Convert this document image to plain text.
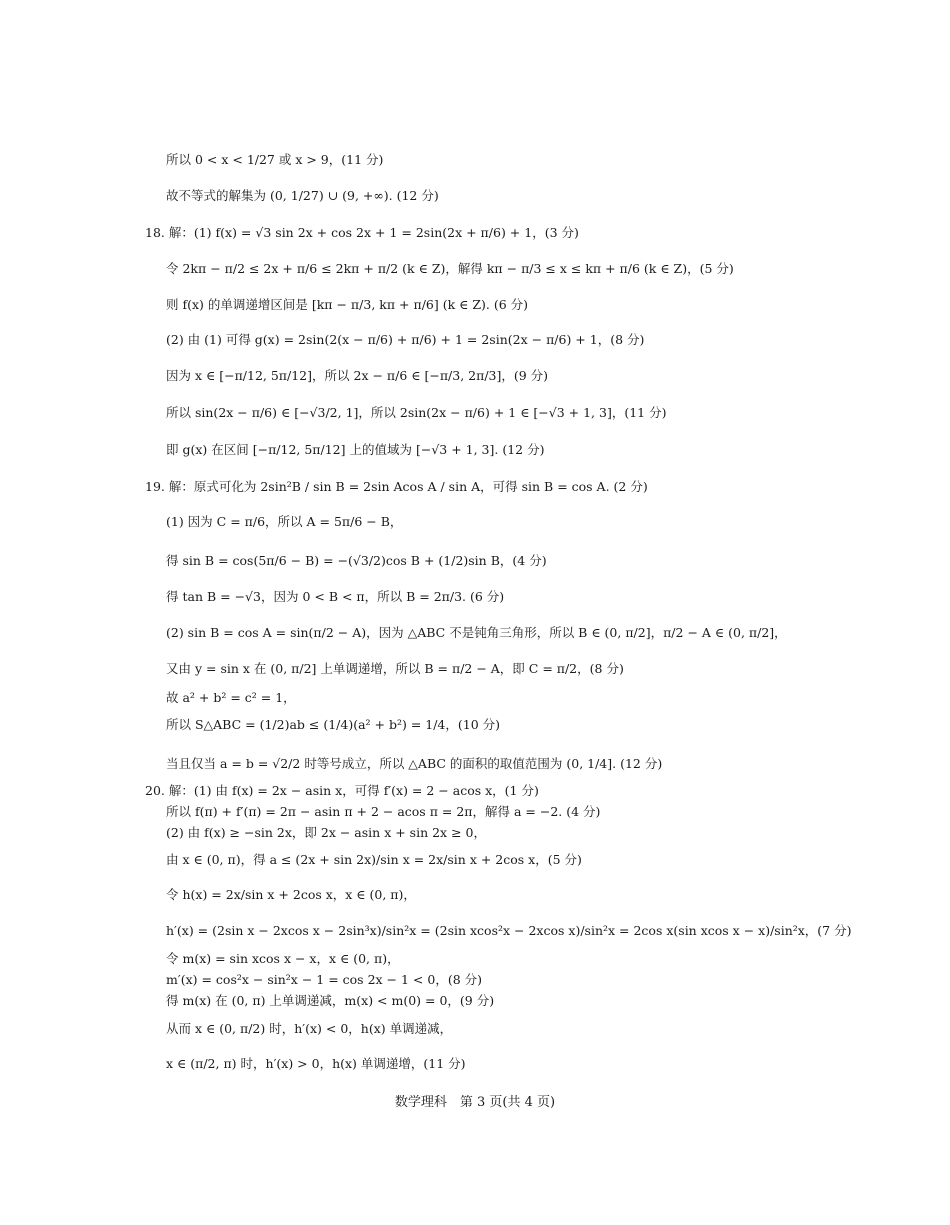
所以 0 < x < 1/27 或 x > 9，(11 分)
故不等式的解集为 (0, 1/27) ∪ (9, +∞). (12 分)
18. 解：(1) f(x) = √3 sin 2x + cos 2x + 1 = 2sin(2x + π/6) + 1，(3 分)
令 2kπ − π/2 ≤ 2x + π/6 ≤ 2kπ + π/2 (k ∈ Z)，解得 kπ − π/3 ≤ x ≤ kπ + π/6 (k ∈ Z)，(5 分)
则 f(x) 的单调递增区间是 [kπ − π/3, kπ + π/6] (k ∈ Z). (6 分)
(2) 由 (1) 可得 g(x) = 2sin(2(x − π/6) + π/6) + 1 = 2sin(2x − π/6) + 1，(8 分)
因为 x ∈ [−π/12, 5π/12]，所以 2x − π/6 ∈ [−π/3, 2π/3]，(9 分)
所以 sin(2x − π/6) ∈ [−√3/2, 1]，所以 2sin(2x − π/6) + 1 ∈ [−√3 + 1, 3]，(11 分)
即 g(x) 在区间 [−π/12, 5π/12] 上的值域为 [−√3 + 1, 3]. (12 分)
19. 解：原式可化为 2sin²B / sin B = 2sin Acos A / sin A，可得 sin B = cos A. (2 分)
(1) 因为 C = π/6，所以 A = 5π/6 − B，
得 sin B = cos(5π/6 − B) = −(√3/2)cos B + (1/2)sin B，(4 分)
得 tan B = −√3，因为 0 < B < π，所以 B = 2π/3. (6 分)
(2) sin B = cos A = sin(π/2 − A)，因为 △ABC 不是钝角三角形，所以 B ∈ (0, π/2]，π/2 − A ∈ (0, π/2]，
又由 y = sin x 在 (0, π/2] 上单调递增，所以 B = π/2 − A，即 C = π/2，(8 分)
故 a² + b² = c² = 1，
所以 S△ABC = (1/2)ab ≤ (1/4)(a² + b²) = 1/4，(10 分)
当且仅当 a = b = √2/2 时等号成立，所以 △ABC 的面积的取值范围为 (0, 1/4]. (12 分)
20. 解：(1) 由 f(x) = 2x − asin x，可得 f′(x) = 2 − acos x，(1 分)
所以 f(π) + f′(π) = 2π − asin π + 2 − acos π = 2π，解得 a = −2. (4 分)
(2) 由 f(x) ≥ −sin 2x，即 2x − asin x + sin 2x ≥ 0，
由 x ∈ (0, π)，得 a ≤ (2x + sin 2x)/sin x = 2x/sin x + 2cos x，(5 分)
令 h(x) = 2x/sin x + 2cos x，x ∈ (0, π)，
h′(x) = (2sin x − 2xcos x − 2sin³x)/sin²x = (2sin xcos²x − 2xcos x)/sin²x = 2cos x(sin xcos x − x)/sin²x，(7 分)
令 m(x) = sin xcos x − x，x ∈ (0, π)，
m′(x) = cos²x − sin²x − 1 = cos 2x − 1 < 0，(8 分)
得 m(x) 在 (0, π) 上单调递减，m(x) < m(0) = 0，(9 分)
从而 x ∈ (0, π/2) 时，h′(x) < 0，h(x) 单调递减，
x ∈ (π/2, π) 时，h′(x) > 0，h(x) 单调递增，(11 分)
数学理科　第 3 页(共 4 页)
